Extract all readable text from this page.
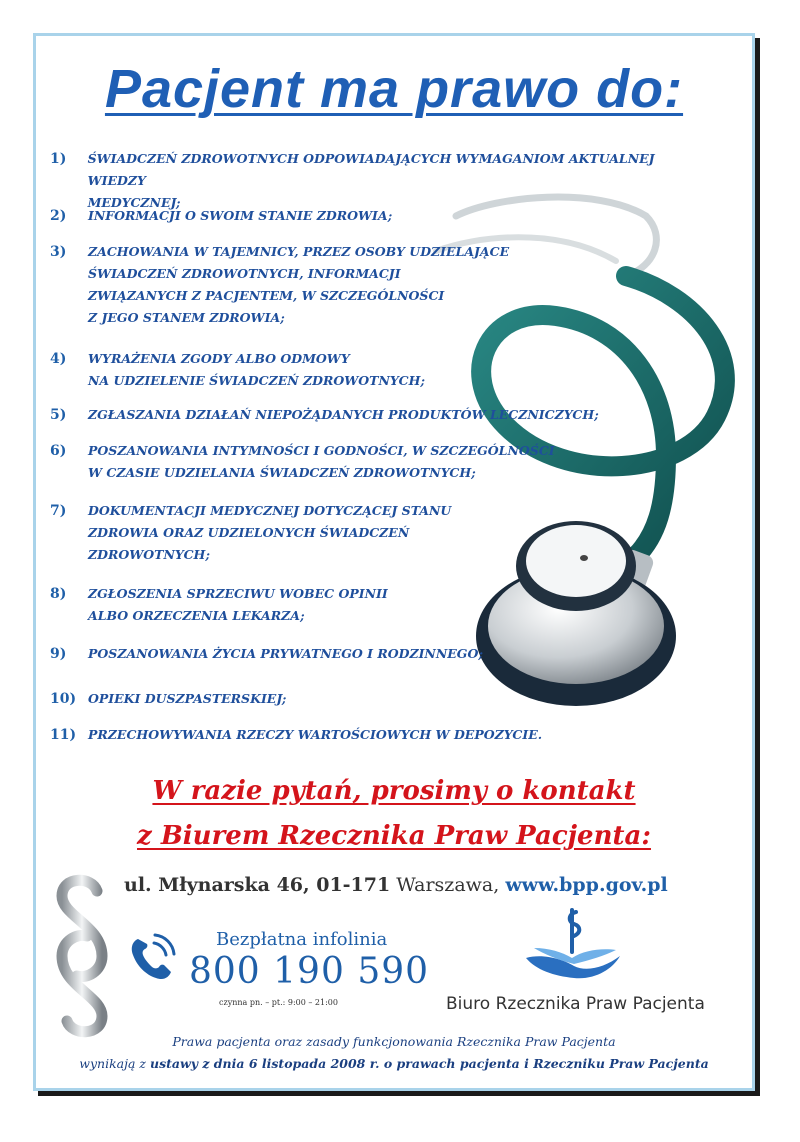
Pacjent ma prawo do:
1)	ŚWIADCZEŃ ZDROWOTNYCH ODPOWIADAJĄCYCH WYMAGANIOM AKTUALNEJ WIEDZY
MEDYCZNEJ;
2)	INFORMACJI O SWOIM STANIE ZDROWIA;
3)	ZACHOWANIA W TAJEMNICY, PRZEZ OSOBY UDZIELAJĄCE
ŚWIADCZEŃ ZDROWOTNYCH, INFORMACJI
ZWIĄZANYCH Z PACJENTEM, W SZCZEGÓLNOŚCI
Z JEGO STANEM ZDROWIA;
4)	WYRAŻENIA ZGODY ALBO ODMOWY
NA UDZIELENIE ŚWIADCZEŃ ZDROWOTNYCH;
5)	ZGŁASZANIA DZIAŁAŃ NIEPOŻĄDANYCH PRODUKTÓW LECZNICZYCH;
6)	POSZANOWANIA INTYMNOŚCI I GODNOŚCI, W SZCZEGÓLNOŚCI
W CZASIE UDZIELANIA ŚWIADCZEŃ ZDROWOTNYCH;
7)	DOKUMENTACJI MEDYCZNEJ DOTYCZĄCEJ STANU
ZDROWIA ORAZ UDZIELONYCH ŚWIADCZEŃ
ZDROWOTNYCH;
8)	ZGŁOSZENIA SPRZECIWU WOBEC OPINII
ALBO ORZECZENIA LEKARZA;
9)	POSZANOWANIA ŻYCIA PRYWATNEGO I RODZINNEGO;
10) OPIEKI DUSZPASTERSKIEJ;
11) PRZECHOWYWANIA RZECZY WARTOŚCIOWYCH W DEPOZYCIE.
W razie pytań, prosimy o kontakt
z Biurem Rzecznika Praw Pacjenta:
ul. Młynarska 46, 01-171 Warszawa, www.bpp.gov.pl
Bezpłatna infolinia
800 190 590
czynna pn. – pt.: 9:00 – 21:00	Biuro Rzecznika Praw Pacjenta
Prawa pacjenta oraz zasady funkcjonowania Rzecznika Praw Pacjenta
wynikają z ustawy z dnia 6 listopada 2008 r. o prawach pacjenta i Rzeczniku Praw Pacjenta
